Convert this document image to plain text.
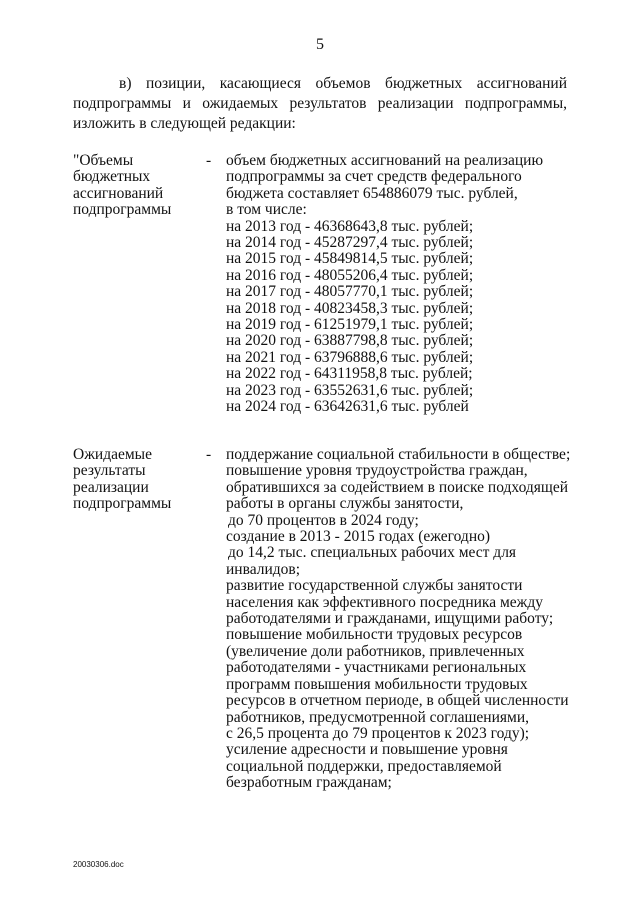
5
в) позиции, касающиеся объемов бюджетных ассигнований
подпрограммы и ожидаемых результатов реализации подпрограммы,
изложить в следующей редакции:
"Объемы
бюджетных
ассигнований
подпрограммы
- объем бюджетных ассигнований на реализацию
подпрограммы за счет средств федерального
бюджета составляет 654886079 тыс. рублей,
в том числе:
на 2013 год - 46368643,8 тыс. рублей;
на 2014 год - 45287297,4 тыс. рублей;
на 2015 год - 45849814,5 тыс. рублей;
на 2016 год - 48055206,4 тыс. рублей;
на 2017 год - 48057770,1 тыс. рублей;
на 2018 год - 40823458,3 тыс. рублей;
на 2019 год - 61251979,1 тыс. рублей;
на 2020 год - 63887798,8 тыс. рублей;
на 2021 год - 63796888,6 тыс. рублей;
на 2022 год - 64311958,8 тыс. рублей;
на 2023 год - 63552631,6 тыс. рублей;
на 2024 год - 63642631,6 тыс. рублей
Ожидаемые
результаты
реализации
подпрограммы
- поддержание социальной стабильности в обществе;
повышение уровня трудоустройства граждан,
обратившихся за содействием в поиске подходящей
работы в органы службы занятости,
до 70 процентов в 2024 году;
создание в 2013 - 2015 годах (ежегодно)
до 14,2 тыс. специальных рабочих мест для
инвалидов;
развитие государственной службы занятости
населения как эффективного посредника между
работодателями и гражданами, ищущими работу;
повышение мобильности трудовых ресурсов
(увеличение доли работников, привлеченных
работодателями - участниками региональных
программ повышения мобильности трудовых
ресурсов в отчетном периоде, в общей численности
работников, предусмотренной соглашениями,
с 26,5 процента до 79 процентов к 2023 году);
усиление адресности и повышение уровня
социальной поддержки, предоставляемой
безработным гражданам;
20030306.doc
